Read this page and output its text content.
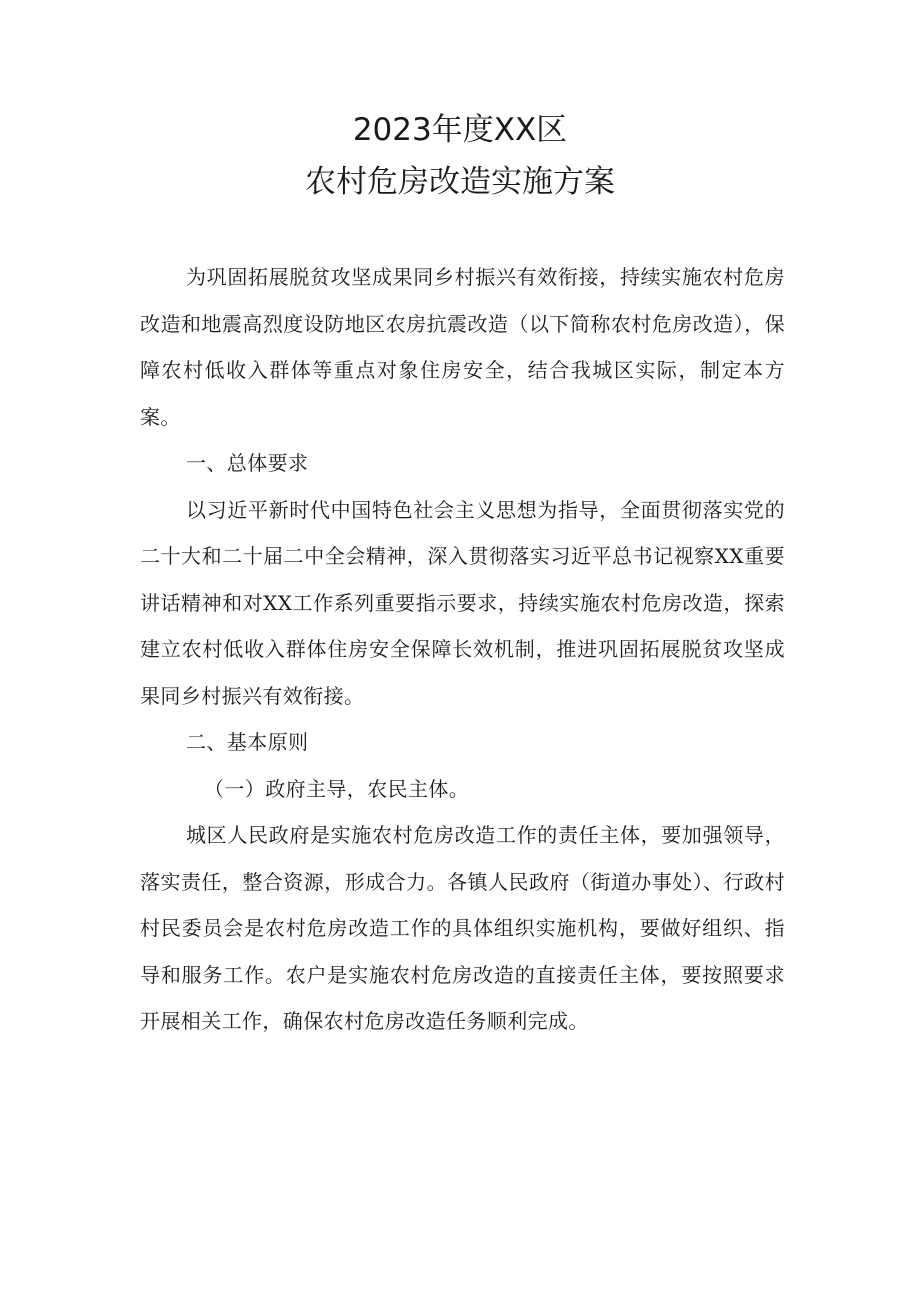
2023年度XX区
农村危房改造实施方案

为巩固拓展脱贫攻坚成果同乡村振兴有效衔接，持续实施农村危房改造和地震高烈度设防地区农房抗震改造（以下简称农村危房改造），保障农村低收入群体等重点对象住房安全，结合我城区实际，制定本方案。

一、总体要求

以习近平新时代中国特色社会主义思想为指导，全面贯彻落实党的二十大和二十届二中全会精神，深入贯彻落实习近平总书记视察XX重要讲话精神和对XX工作系列重要指示要求，持续实施农村危房改造，探索建立农村低收入群体住房安全保障长效机制，推进巩固拓展脱贫攻坚成果同乡村振兴有效衔接。

二、基本原则

（一）政府主导，农民主体。

城区人民政府是实施农村危房改造工作的责任主体，要加强领导，落实责任，整合资源，形成合力。各镇人民政府（街道办事处）、行政村村民委员会是农村危房改造工作的具体组织实施机构，要做好组织、指导和服务工作。农户是实施农村危房改造的直接责任主体，要按照要求开展相关工作，确保农村危房改造任务顺利完成。
